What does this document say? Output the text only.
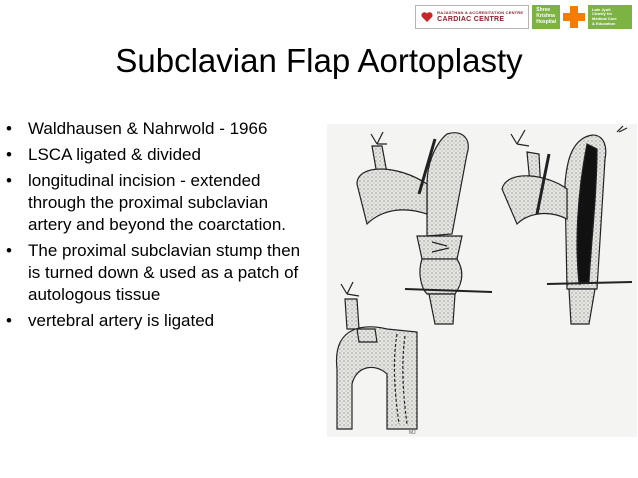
RAJASTHAN & ACCREDITATION CENTRE
CARDIAC CENTRE
Shree
Krishna
Hospital
Late Jyoti
Charity for
Medical Care
& Education
Subclavian Flap Aortoplasty
• Waldhausen & Nahrwold - 1966
• LSCA ligated & divided
• longitudinal incision - extended through the proximal subclavian artery and beyond the coarctation.
• The proximal subclavian stump then is turned down & used as a patch of autologous tissue
• vertebral artery is ligated
MJ
